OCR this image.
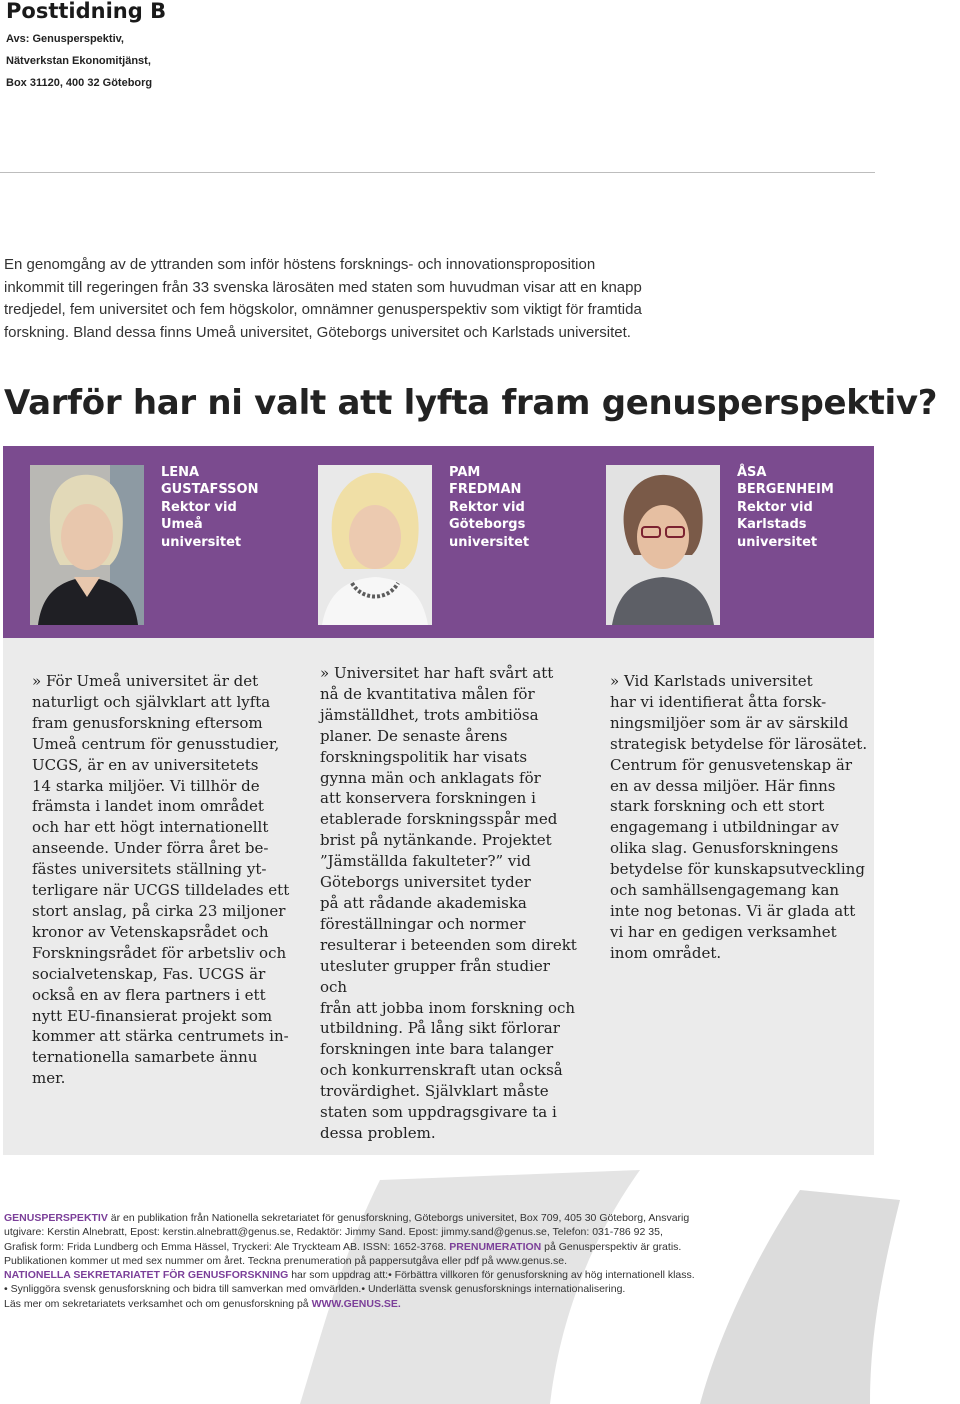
Posttidning B
Avs: Genusperspektiv,
Nätverkstan Ekonomitjänst,
Box 31120, 400 32 Göteborg
En genomgång av de yttranden som inför höstens forsknings- och innovationsproposition
inkommit till regeringen från 33 svenska lärosäten med staten som huvudman visar att en knapp
tredjedel, fem universitet och fem högskolor, omnämner genusperspektiv som viktigt för framtida
forskning. Bland dessa finns Umeå universitet, Göteborgs universitet och Karlstads universitet.
Varför har ni valt att lyfta fram genusperspektiv?
LENA
GUSTAFSSON
Rektor vid
Umeå
universitet
PAM
FREDMAN
Rektor vid
Göteborgs
universitet
ÅSA
BERGENHEIM
Rektor vid
Karlstads
universitet
» För Umeå universitet är det
naturligt och självklart att lyfta
fram genusforskning eftersom
Umeå centrum för genusstudier,
UCGS, är en av universitetets
14 starka miljöer. Vi tillhör de
främsta i landet inom området
och har ett högt internationellt
anseende. Under förra året be-
fästes universitets ställning yt-
terligare när UCGS tilldelades ett
stort anslag, på cirka 23 miljoner
kronor av Vetenskapsrådet och
Forskningsrådet för arbetsliv och
socialvetenskap, Fas. UCGS är
också en av flera partners i ett
nytt EU-finansierat projekt som
kommer att stärka centrumets in-
ternationella samarbete ännu mer.
» Universitet har haft svårt att
nå de kvantitativa målen för
jämställdhet, trots ambitiösa
planer. De senaste årens
forskningspolitik har visats
gynna män och anklagats för
att konservera forskningen i
etablerade forskningsspår med
brist på nytänkande. Projektet
”Jämställda fakulteter?” vid
Göteborgs universitet tyder
på att rådande akademiska
föreställningar och normer
resulterar i beteenden som direkt
utesluter grupper från studier och
från att jobba inom forskning och
utbildning. På lång sikt förlorar
forskningen inte bara talanger
och konkurrenskraft utan också
trovärdighet. Självklart måste
staten som uppdragsgivare ta i
dessa problem.
» Vid Karlstads universitet
har vi identifierat åtta forsk-
ningsmiljöer som är av särskild
strategisk betydelse för lärosätet.
Centrum för genusvetenskap är
en av dessa miljöer. Här finns
stark forskning och ett stort
engagemang i utbildningar av
olika slag. Genusforskningens
betydelse för kunskapsutveckling
och samhällsengagemang kan
inte nog betonas. Vi är glada att
vi har en gedigen verksamhet
inom området.
GENUSPERSPEKTIV är en publikation från Nationella sekretariatet för genusforskning, Göteborgs universitet, Box 709, 405 30 Göteborg, Ansvarig
utgivare: Kerstin Alnebratt, Epost: kerstin.alnebratt@genus.se, Redaktör: Jimmy Sand. Epost: jimmy.sand@genus.se, Telefon: 031-786 92 35,
Grafisk form: Frida Lundberg och Emma Hässel, Tryckeri: Ale Tryckteam AB. ISSN: 1652-3768. PRENUMERATION på Genusperspektiv är gratis.
Publikationen kommer ut med sex nummer om året. Teckna prenumeration på pappersutgåva eller pdf på www.genus.se.
NATIONELLA SEKRETARIATET FÖR GENUSFORSKNING har som uppdrag att:• Förbättra villkoren för genusforskning av hög internationell klass.
• Synliggöra svensk genusforskning och bidra till samverkan med omvärlden.• Underlätta svensk genusforsknings internationalisering.
Läs mer om sekretariatets verksamhet och om genusforskning på WWW.GENUS.SE.
